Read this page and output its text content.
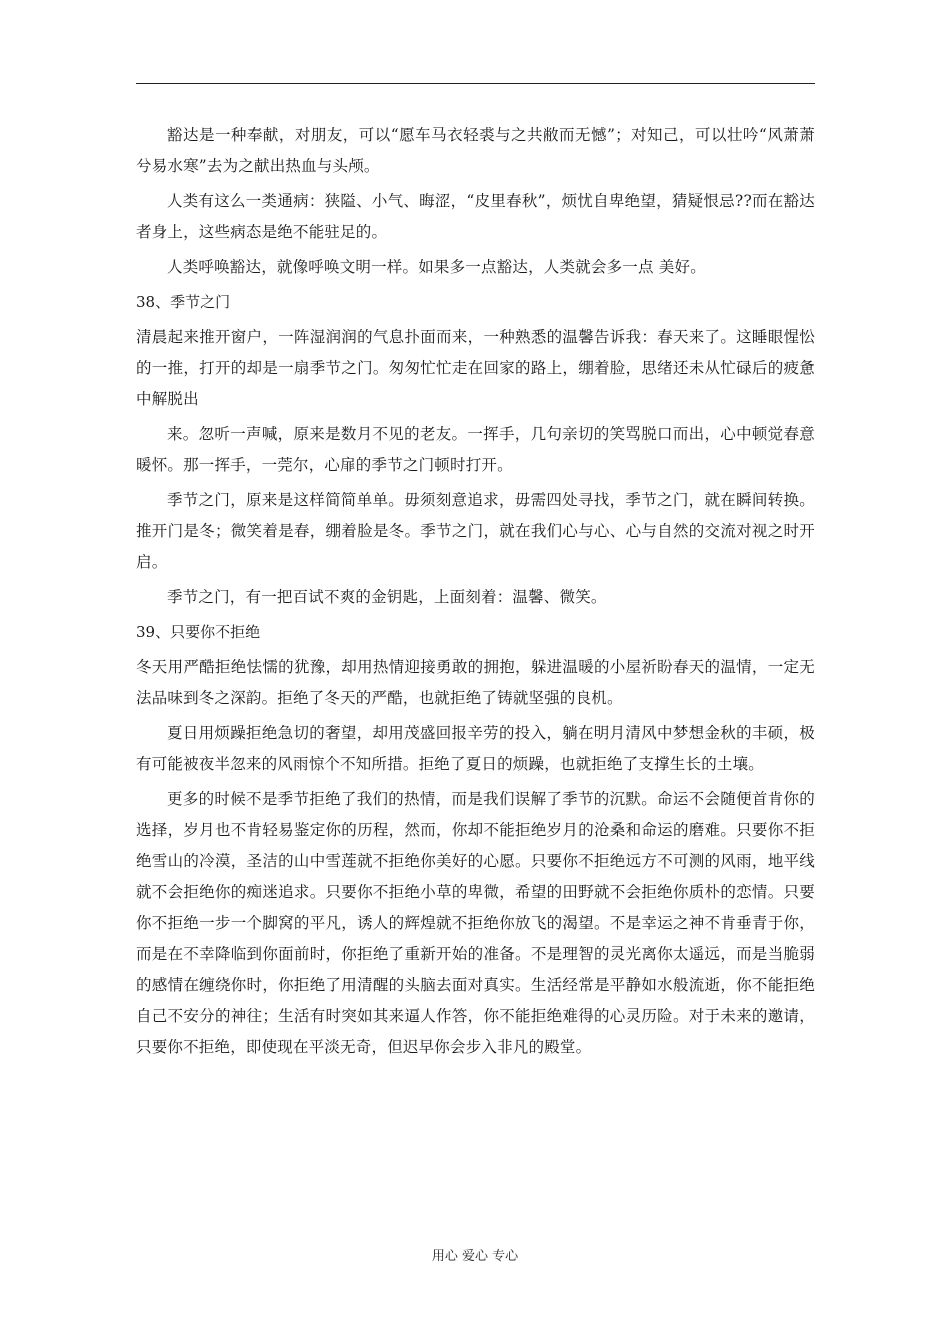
豁达是一种奉献，对朋友，可以“愿车马衣轻裘与之共敝而无憾”；对知己，可以壮吟“风萧萧兮易水寒”去为之献出热血与头颅。

人类有这么一类通病：狭隘、小气、晦涩，“皮里春秋”，烦忧自卑绝望，猜疑恨忌??而在豁达者身上，这些病态是绝不能驻足的。

人类呼唤豁达，就像呼唤文明一样。如果多一点豁达，人类就会多一点 美好。

38、季节之门

清晨起来推开窗户，一阵湿润润的气息扑面而来，一种熟悉的温馨告诉我：春天来了。这睡眼惺忪的一推，打开的却是一扇季节之门。匆匆忙忙走在回家的路上，绷着脸，思绪还未从忙碌后的疲惫中解脱出

来。忽听一声喊，原来是数月不见的老友。一挥手，几句亲切的笑骂脱口而出，心中顿觉春意暖怀。那一挥手，一莞尔，心扉的季节之门顿时打开。

季节之门，原来是这样简简单单。毋须刻意追求，毋需四处寻找，季节之门，就在瞬间转换。推开门是冬；微笑着是春，绷着脸是冬。季节之门，就在我们心与心、心与自然的交流对视之时开启。

季节之门，有一把百试不爽的金钥匙，上面刻着：温馨、微笑。

39、只要你不拒绝

冬天用严酷拒绝怯懦的犹豫，却用热情迎接勇敢的拥抱，躲进温暖的小屋祈盼春天的温情，一定无法品味到冬之深韵。拒绝了冬天的严酷，也就拒绝了铸就坚强的良机。

夏日用烦躁拒绝急切的奢望，却用茂盛回报辛劳的投入，躺在明月清风中梦想金秋的丰硕，极有可能被夜半忽来的风雨惊个不知所措。拒绝了夏日的烦躁，也就拒绝了支撑生长的土壤。

更多的时候不是季节拒绝了我们的热情，而是我们误解了季节的沉默。命运不会随便首肯你的选择，岁月也不肯轻易鉴定你的历程，然而，你却不能拒绝岁月的沧桑和命运的磨难。只要你不拒绝雪山的冷漠，圣洁的山中雪莲就不拒绝你美好的心愿。只要你不拒绝远方不可测的风雨，地平线就不会拒绝你的痴迷追求。只要你不拒绝小草的卑微，希望的田野就不会拒绝你质朴的恋情。只要你不拒绝一步一个脚窝的平凡，诱人的辉煌就不拒绝你放飞的渴望。不是幸运之神不肯垂青于你，而是在不幸降临到你面前时，你拒绝了重新开始的准备。不是理智的灵光离你太遥远，而是当脆弱的感情在缠绕你时，你拒绝了用清醒的头脑去面对真实。生活经常是平静如水般流逝，你不能拒绝自己不安分的神往；生活有时突如其来逼人作答，你不能拒绝难得的心灵历险。对于未来的邀请，只要你不拒绝，即使现在平淡无奇，但迟早你会步入非凡的殿堂。

用心 爱心 专心
